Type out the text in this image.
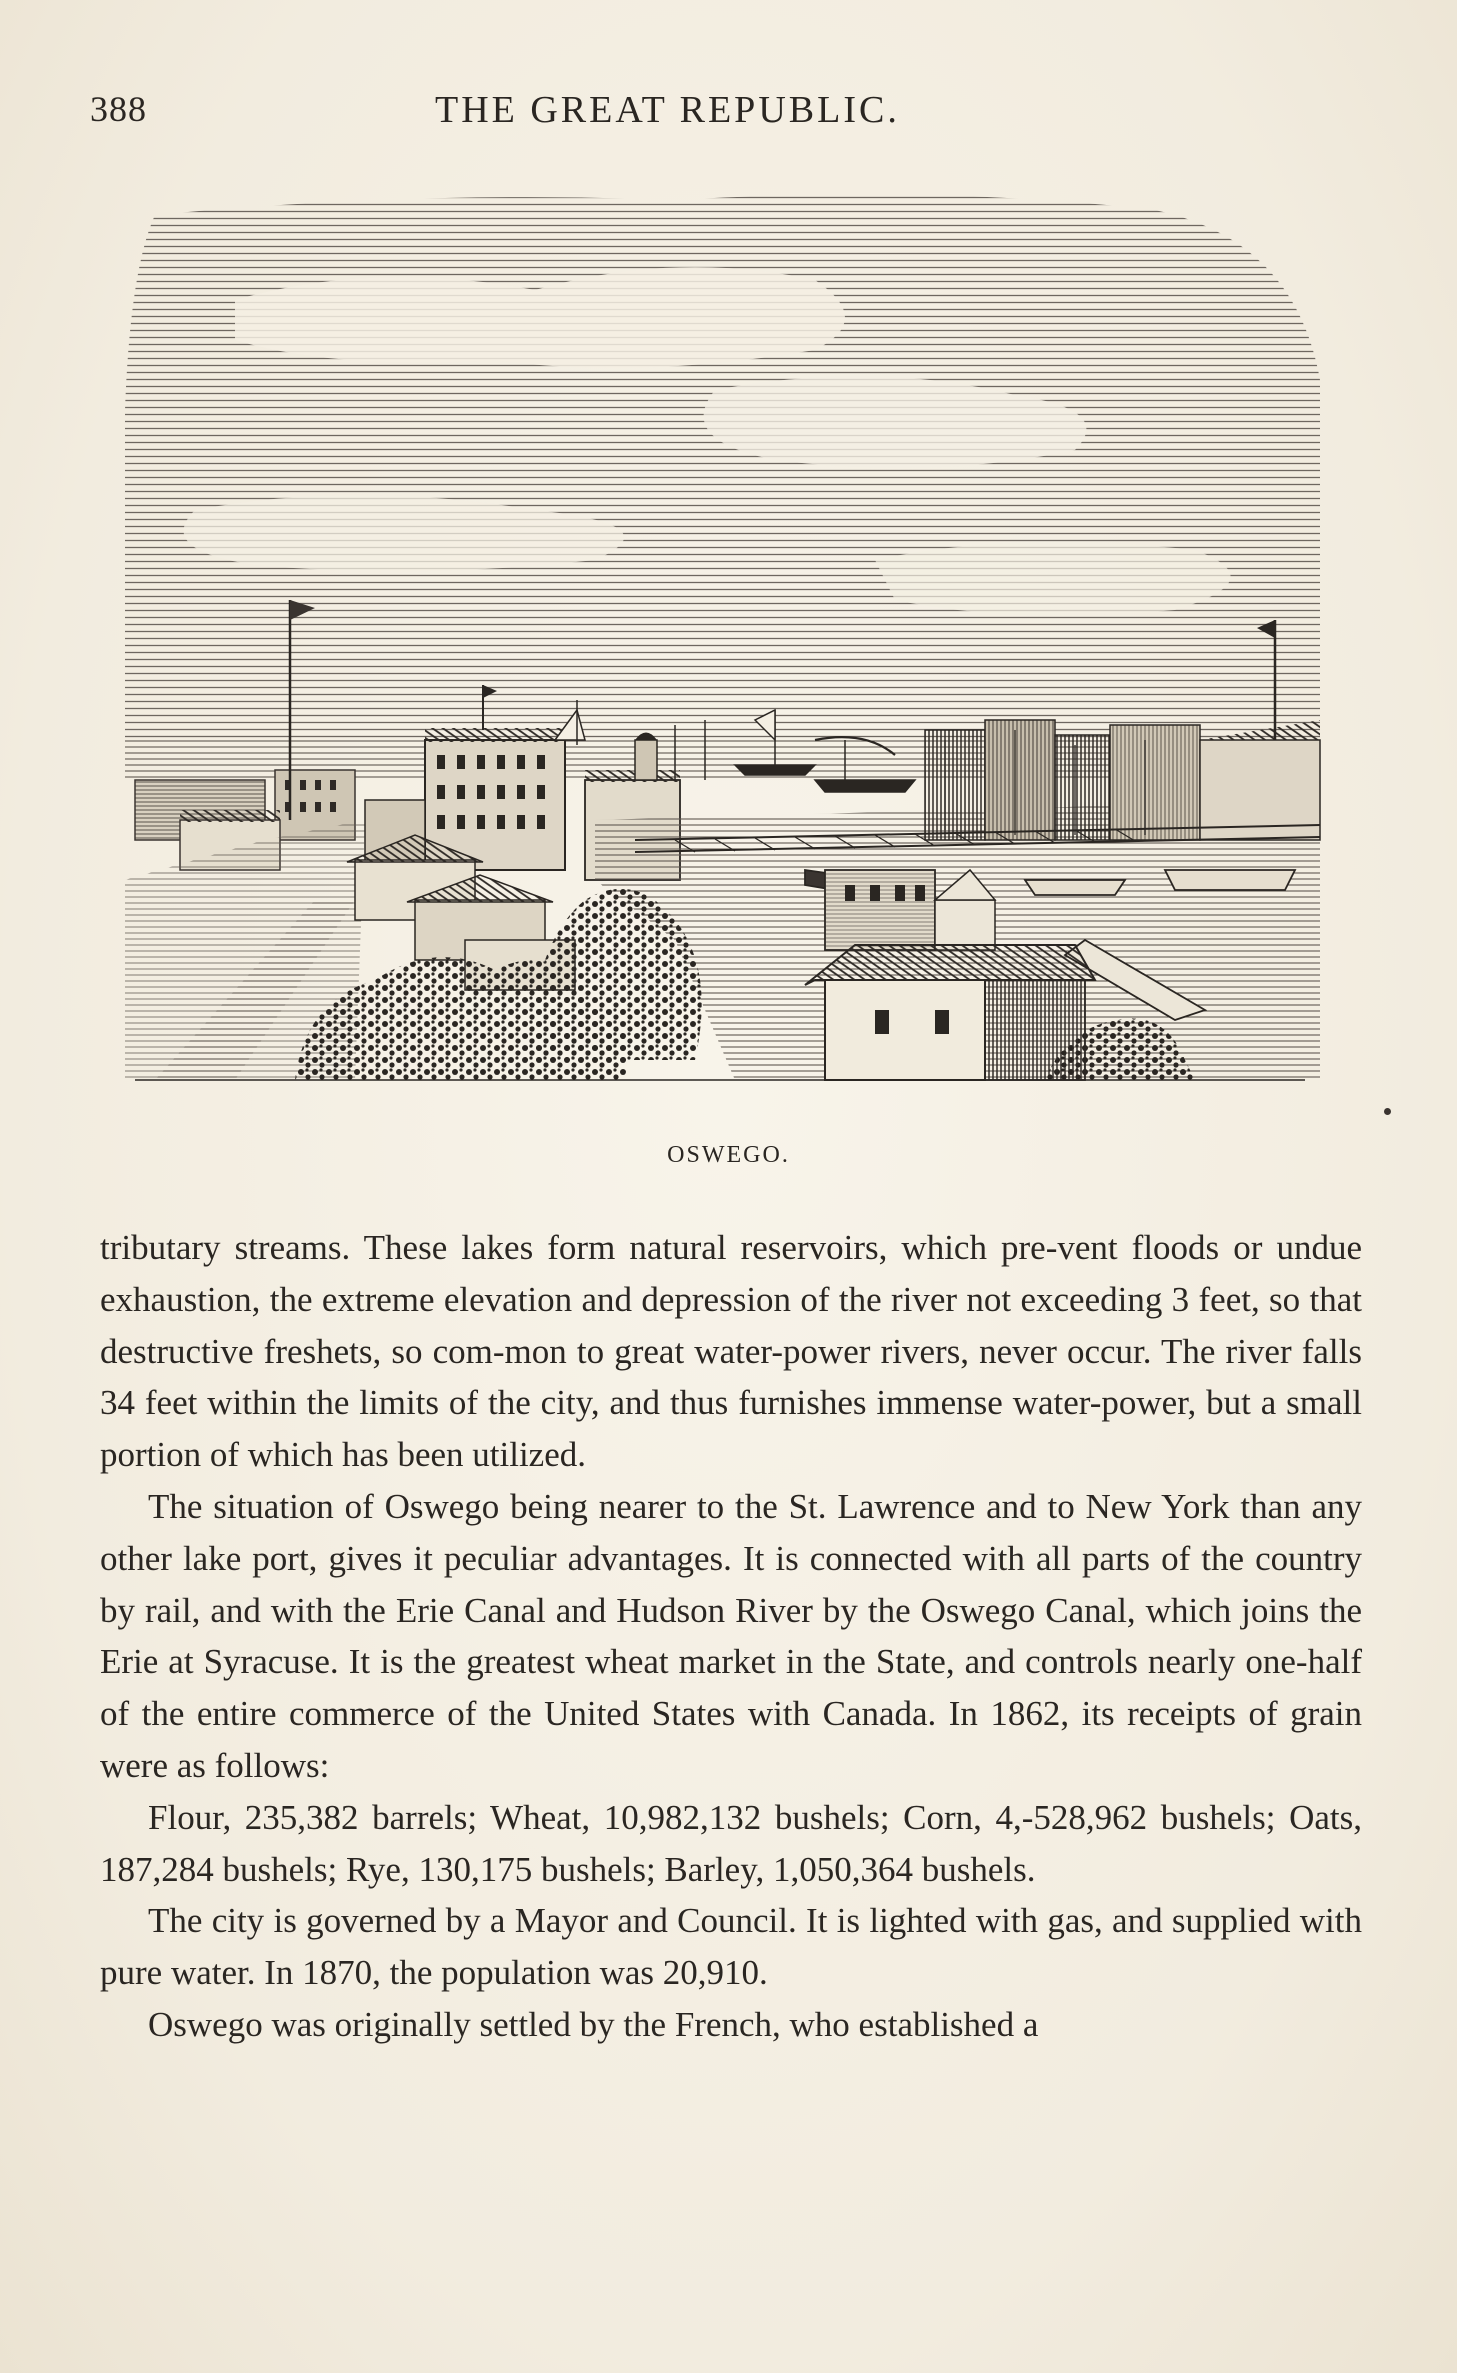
388	THE GREAT REPUBLIC.
OSWEGO.

tributary streams. These lakes form natural reservoirs, which pre-vent floods or undue exhaustion, the extreme elevation and depression of the river not exceeding 3 feet, so that destructive freshets, so com-mon to great water-power rivers, never occur. The river falls 34 feet within the limits of the city, and thus furnishes immense water-power, but a small portion of which has been utilized.

The situation of Oswego being nearer to the St. Lawrence and to New York than any other lake port, gives it peculiar advantages. It is connected with all parts of the country by rail, and with the Erie Canal and Hudson River by the Oswego Canal, which joins the Erie at Syracuse. It is the greatest wheat market in the State, and controls nearly one-half of the entire commerce of the United States with Canada. In 1862, its receipts of grain were as follows:

Flour, 235,382 barrels; Wheat, 10,982,132 bushels; Corn, 4,-528,962 bushels; Oats, 187,284 bushels; Rye, 130,175 bushels; Barley, 1,050,364 bushels.

The city is governed by a Mayor and Council. It is lighted with gas, and supplied with pure water. In 1870, the population was 20,910.

Oswego was originally settled by the French, who established a
